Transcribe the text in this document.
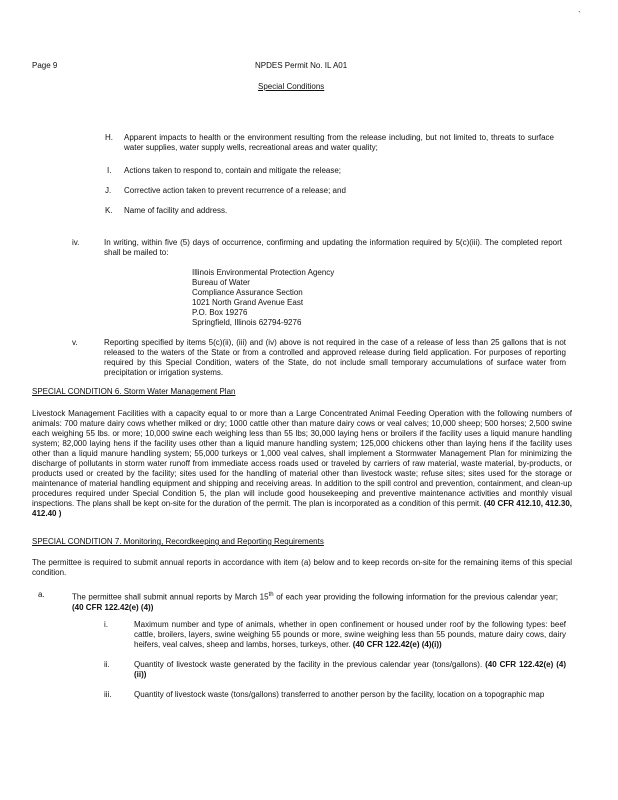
`
Page 9	NPDES Permit No. IL A01
Special Conditions
H. Apparent impacts to health or the environment resulting from the release including, but not limited to, threats to surface water supplies, water supply wells, recreational areas and water quality;
I. Actions taken to respond to, contain and mitigate the release;
J. Corrective action taken to prevent recurrence of a release; and
K. Name of facility and address.
iv.	In writing, within five (5) days of occurrence, confirming and updating the information required by 5(c)(iii). The completed report shall be mailed to:
Illinois Environmental Protection Agency
Bureau of Water
Compliance Assurance Section
1021 North Grand Avenue East
P.O. Box 19276
Springfield, Illinois 62794-9276
v.	Reporting specified by items 5(c)(ii), (iii) and (iv) above is not required in the case of a release of less than 25 gallons that is not released to the waters of the State or from a controlled and approved release during field application. For purposes of reporting required by this Special Condition, waters of the State, do not include small temporary accumulations of surface water from precipitation or irrigation systems.
SPECIAL CONDITION 6. Storm Water Management Plan
Livestock Management Facilities with a capacity equal to or more than a Large Concentrated Animal Feeding Operation with the following numbers of animals: 700 mature dairy cows whether milked or dry; 1000 cattle other than mature dairy cows or veal calves; 10,000 sheep; 500 horses; 2,500 swine each weighing 55 lbs. or more; 10,000 swine each weighing less than 55 lbs; 30,000 laying hens or broilers if the facility uses a liquid manure handling system; 82,000 laying hens if the facility uses other than a liquid manure handling system; 125,000 chickens other than laying hens if the facility uses other than a liquid manure handling system; 55,000 turkeys or 1,000 veal calves, shall implement a Stormwater Management Plan for minimizing the discharge of pollutants in storm water runoff from immediate access roads used or traveled by carriers of raw material, waste material, by-products, or products used or created by the facility; sites used for the handling of material other than livestock waste; refuse sites; sites used for the storage or maintenance of material handling equipment and shipping and receiving areas. In addition to the spill control and prevention, containment, and clean-up procedures required under Special Condition 5, the plan will include good housekeeping and preventive maintenance activities and monthly visual inspections. The plans shall be kept on-site for the duration of the permit. The plan is incorporated as a condition of this permit. (40 CFR 412.10, 412.30, 412.40 )
SPECIAL CONDITION 7. Monitoring, Recordkeeping and Reporting Requirements
The permittee is required to submit annual reports in accordance with item (a) below and to keep records on-site for the remaining items of this special condition.
a.	The permittee shall submit annual reports by March 15th of each year providing the following information for the previous calendar year; (40 CFR 122.42(e) (4))
i.	Maximum number and type of animals, whether in open confinement or housed under roof by the following types: beef cattle, broilers, layers, swine weighing 55 pounds or more, swine weighing less than 55 pounds, mature dairy cows, dairy heifers, veal calves, sheep and lambs, horses, turkeys, other. (40 CFR 122.42(e) (4)(i))
ii.	Quantity of livestock waste generated by the facility in the previous calendar year (tons/gallons). (40 CFR 122.42(e) (4) (ii))
iii.	Quantity of livestock waste (tons/gallons) transferred to another person by the facility, location on a topographic map
